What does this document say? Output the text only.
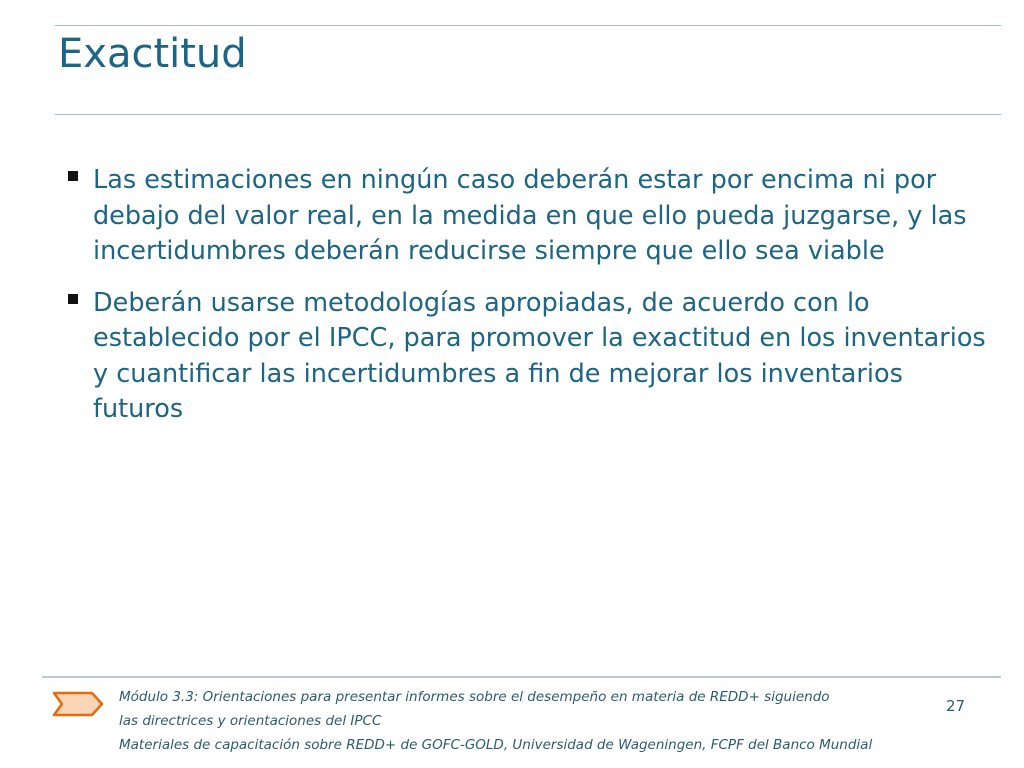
Exactitud
Las estimaciones en ningún caso deberán estar por encima ni por debajo del valor real, en la medida en que ello pueda juzgarse, y las incertidumbres deberán reducirse siempre que ello sea viable
Deberán usarse metodologías apropiadas, de acuerdo con lo establecido por el IPCC, para promover la exactitud en los inventarios y cuantificar las incertidumbres a fin de mejorar los inventarios futuros
Módulo 3.3: Orientaciones para presentar informes sobre el desempeño en materia de REDD+ siguiendo
las directrices y orientaciones del IPCC
Materiales de capacitación sobre REDD+ de GOFC-GOLD, Universidad de Wageningen, FCPF del Banco Mundial
27
